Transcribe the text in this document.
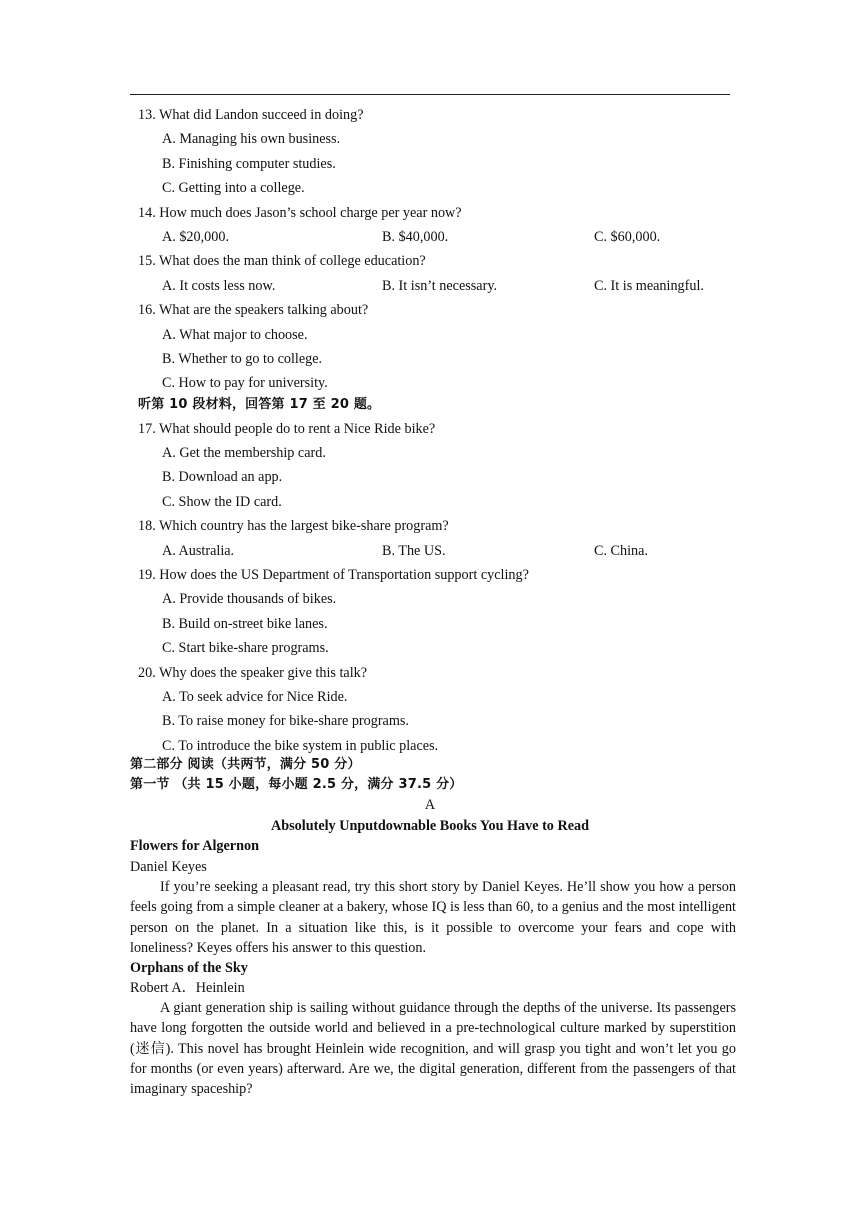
13. What did Landon succeed in doing?
A. Managing his own business.
B. Finishing computer studies.
C. Getting into a college.
14. How much does Jason’s school charge per year now?
A. $20,000.	B. $40,000.	C. $60,000.
15. What does the man think of college education?
A. It costs less now.	B. It isn’t necessary.	C. It is meaningful.
16. What are the speakers talking about?
A. What major to choose.
B. Whether to go to college.
C. How to pay for university.
听第 10 段材料，回答第 17 至 20 题。
17. What should people do to rent a Nice Ride bike?
A. Get the membership card.
B. Download an app.
C. Show the ID card.
18. Which country has the largest bike-share program?
A. Australia.	B. The US.	C. China.
19. How does the US Department of Transportation support cycling?
A. Provide thousands of bikes.
B. Build on-street bike lanes.
C. Start bike-share programs.
20. Why does the speaker give this talk?
A. To seek advice for Nice Ride.
B. To raise money for bike-share programs.
C. To introduce the bike system in public places.
第二部分 阅读（共两节，满分 50 分）
第一节 （共 15 小题，每小题 2.5 分，满分 37.5 分）
A
Absolutely Unputdownable Books You Have to Read
Flowers for Algernon
Daniel Keyes
If you’re seeking a pleasant read, try this short story by Daniel Keyes. He’ll show you how a person feels going from a simple cleaner at a bakery, whose IQ is less than 60, to a genius and the most intelligent person on the planet. In a situation like this, is it possible to overcome your fears and cope with loneliness? Keyes offers his answer to this question.
Orphans of the Sky
Robert A．Heinlein
A giant generation ship is sailing without guidance through the depths of the universe. Its passengers have long forgotten the outside world and believed in a pre-technological culture marked by superstition (迷信). This novel has brought Heinlein wide recognition, and will grasp you tight and won’t let you go for months (or even years) afterward. Are we, the digital generation, different from the passengers of that imaginary spaceship?
